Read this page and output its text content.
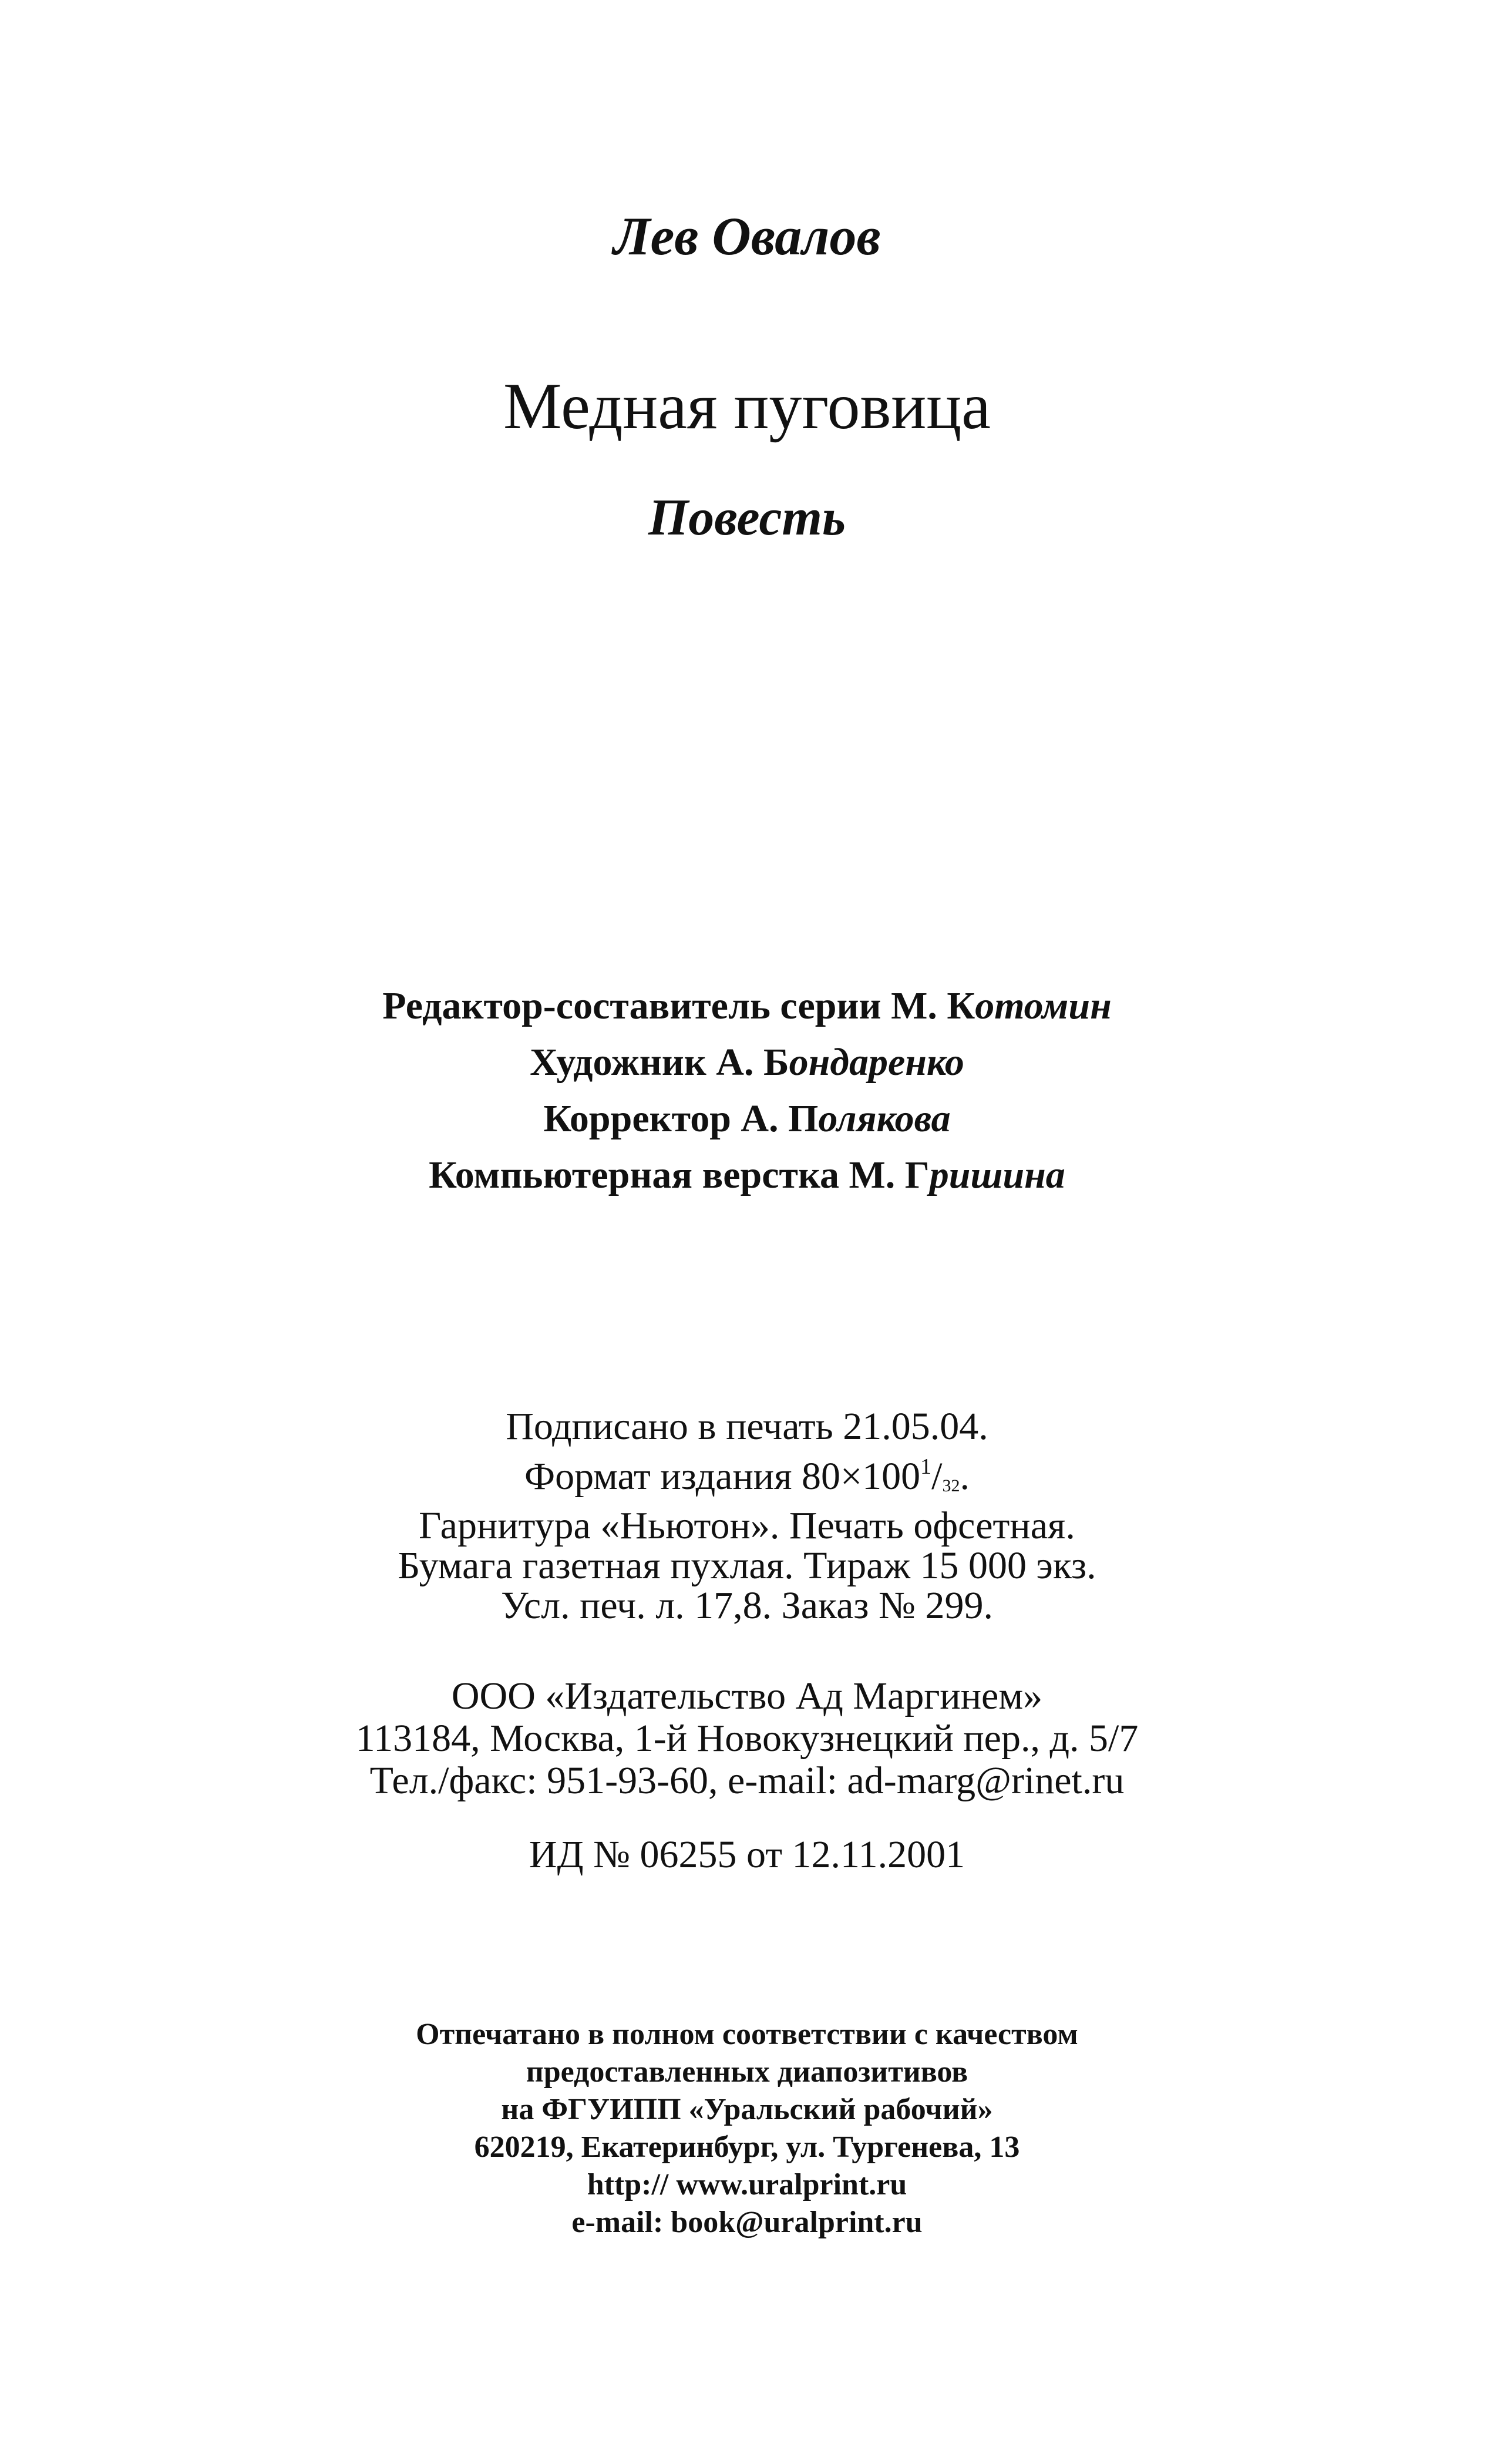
Лев Овалов
Медная пуговица
Повесть
Редактор-составитель серии М. Котомин
Художник А. Бондаренко
Корректор А. Полякова
Компьютерная верстка М. Гришина
Подписано в печать 21.05.04.
Формат издания $80\times 100^1/_{32}$.
Гарнитура «Ньютон». Печать офсетная.
Бумага газетная пухлая. Тираж 15 000 экз.
Усл. печ. л. 17,8. Заказ № 299.
ООО «Издательство Ад Маргинем»
113184, Москва, 1-й Новокузнецкий пер., д. 5/7
Тел./факс: 951-93-60, e-mail: ad-marg@rinet.ru
ИД № 06255 от 12.11.2001
Отпечатано в полном соответствии с качеством
предоставленных диапозитивов
на ФГУИПП «Уральский рабочий»
620219, Екатеринбург, ул. Тургенева, 13
http:// www.uralprint.ru
e-mail: book@uralprint.ru
